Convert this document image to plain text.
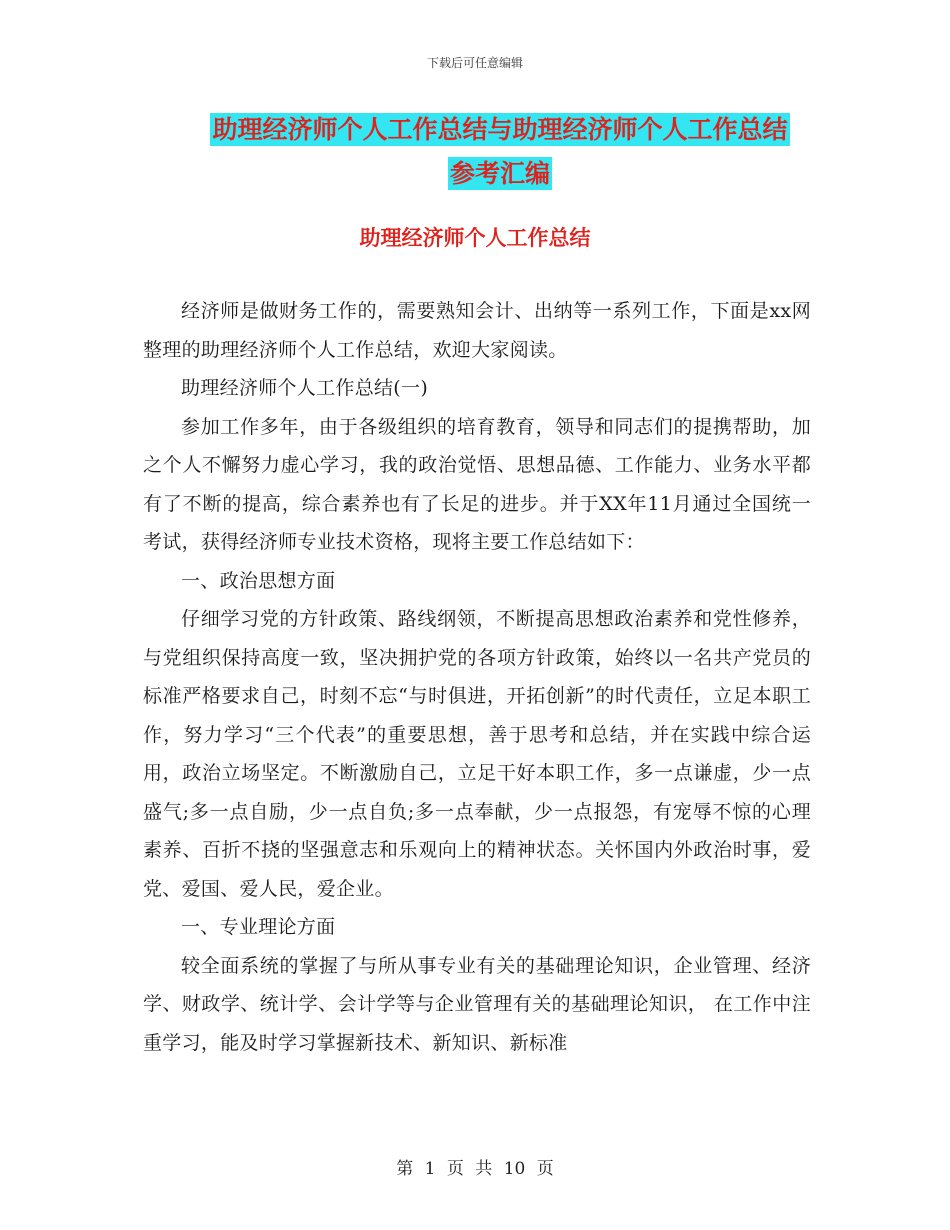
下载后可任意编辑
助理经济师个人工作总结与助理经济师个人工作总结
参考汇编
助理经济师个人工作总结

经济师是做财务工作的，需要熟知会计、出纳等一系列工作，下面是xx网整理的助理经济师个人工作总结，欢迎大家阅读。

助理经济师个人工作总结(一)

参加工作多年，由于各级组织的培育教育，领导和同志们的提携帮助，加之个人不懈努力虚心学习，我的政治觉悟、思想品德、工作能力、业务水平都有了不断的提高，综合素养也有了长足的进步。并于XX年11月通过全国统一考试，获得经济师专业技术资格，现将主要工作总结如下：

一、政治思想方面

仔细学习党的方针政策、路线纲领，不断提高思想政治素养和党性修养，与党组织保持高度一致，坚决拥护党的各项方针政策，始终以一名共产党员的标准严格要求自己，时刻不忘“与时俱进，开拓创新”的时代责任，立足本职工作，努力学习“三个代表”的重要思想，善于思考和总结，并在实践中综合运用，政治立场坚定。不断激励自己，立足干好本职工作，多一点谦虚，少一点盛气;多一点自励，少一点自负;多一点奉献，少一点报怨，有宠辱不惊的心理素养、百折不挠的坚强意志和乐观向上的精神状态。关怀国内外政治时事，爱党、爱国、爱人民，爱企业。

一、专业理论方面

较全面系统的掌握了与所从事专业有关的基础理论知识，企业管理、经济学、财政学、统计学、会计学等与企业管理有关的基础理论知识， 在工作中注重学习，能及时学习掌握新技术、新知识、新标准

第 1 页 共 10 页
